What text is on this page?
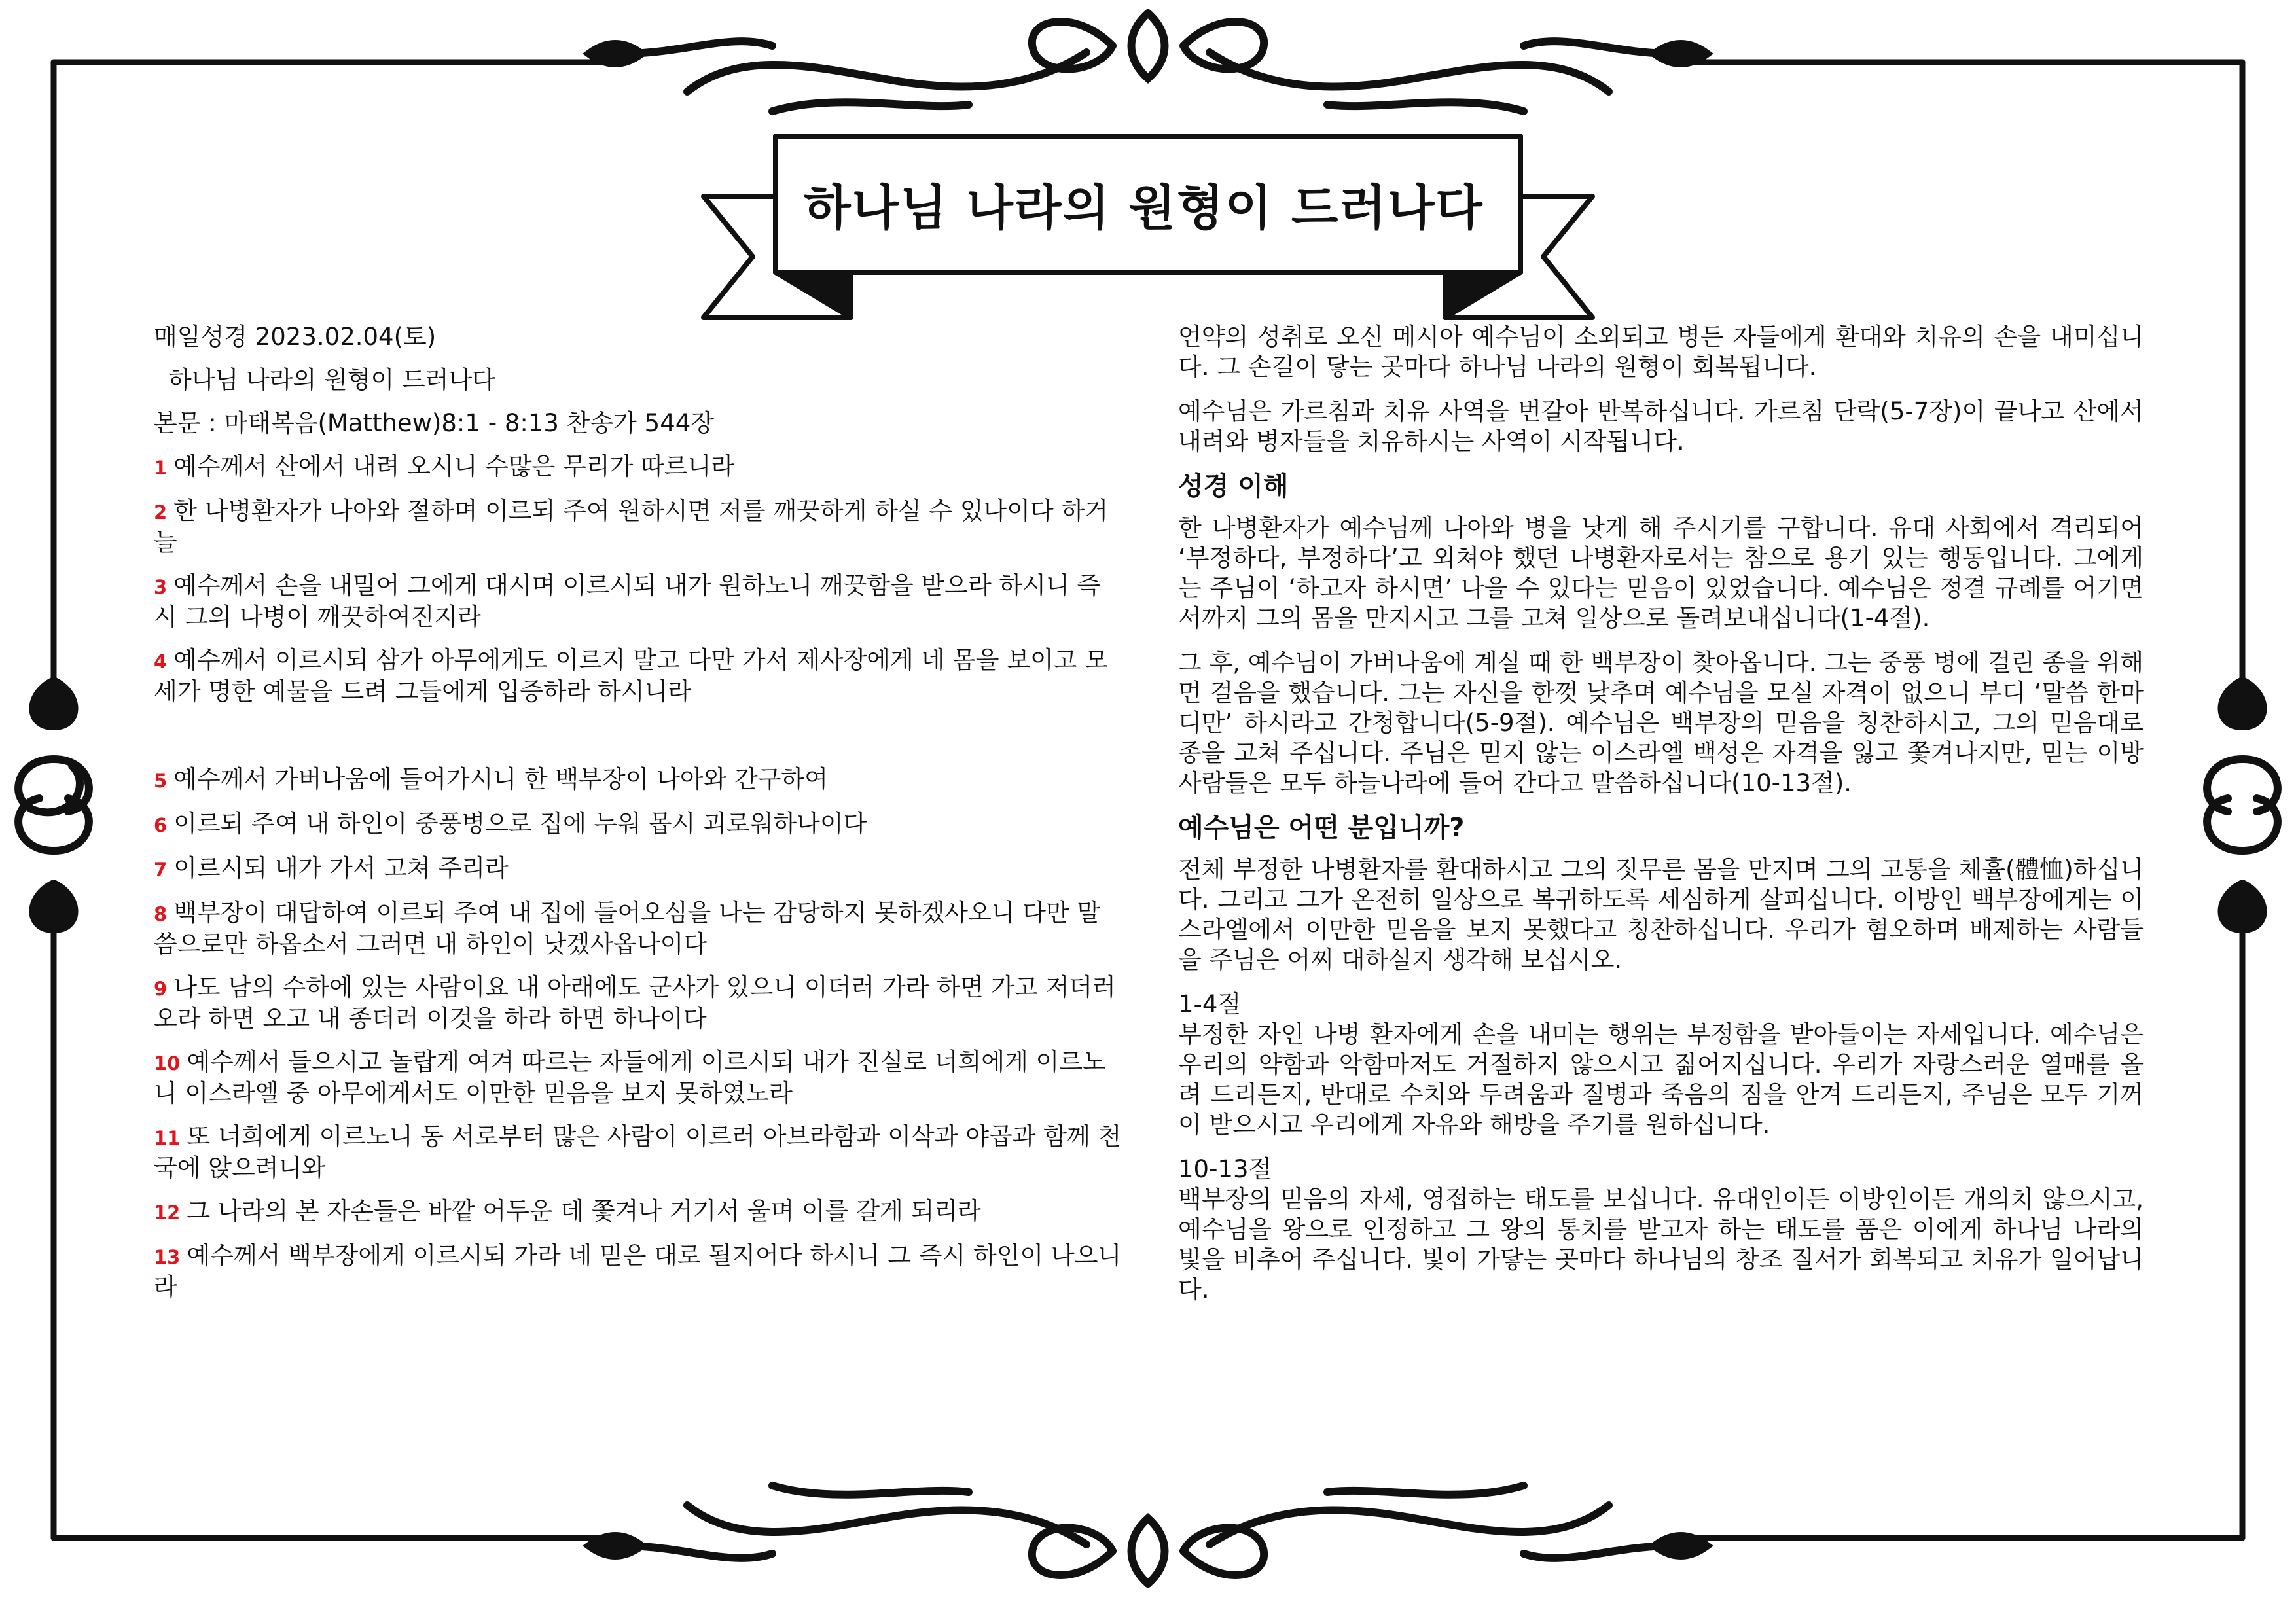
하나님 나라의 원형이 드러나다
매일성경 2023.02.04(토)
하나님 나라의 원형이 드러나다
본문 : 마태복음(Matthew)8:1 - 8:13 찬송가 544장
1 예수께서 산에서 내려 오시니 수많은 무리가 따르니라
2 한 나병환자가 나아와 절하며 이르되 주여 원하시면 저를 깨끗하게 하실 수 있나이다 하거늘
3 예수께서 손을 내밀어 그에게 대시며 이르시되 내가 원하노니 깨끗함을 받으라 하시니 즉시 그의 나병이 깨끗하여진지라
4 예수께서 이르시되 삼가 아무에게도 이르지 말고 다만 가서 제사장에게 네 몸을 보이고 모세가 명한 예물을 드려 그들에게 입증하라 하시니라
5 예수께서 가버나움에 들어가시니 한 백부장이 나아와 간구하여
6 이르되 주여 내 하인이 중풍병으로 집에 누워 몹시 괴로워하나이다
7 이르시되 내가 가서 고쳐 주리라
8 백부장이 대답하여 이르되 주여 내 집에 들어오심을 나는 감당하지 못하겠사오니 다만 말씀으로만 하옵소서 그러면 내 하인이 낫겠사옵나이다
9 나도 남의 수하에 있는 사람이요 내 아래에도 군사가 있으니 이더러 가라 하면 가고 저더러 오라 하면 오고 내 종더러 이것을 하라 하면 하나이다
10 예수께서 들으시고 놀랍게 여겨 따르는 자들에게 이르시되 내가 진실로 너희에게 이르노니 이스라엘 중 아무에게서도 이만한 믿음을 보지 못하였노라
11 또 너희에게 이르노니 동 서로부터 많은 사람이 이르러 아브라함과 이삭과 야곱과 함께 천국에 앉으려니와
12 그 나라의 본 자손들은 바깥 어두운 데 쫓겨나 거기서 울며 이를 갈게 되리라
13 예수께서 백부장에게 이르시되 가라 네 믿은 대로 될지어다 하시니 그 즉시 하인이 나으니라

언약의 성취로 오신 메시아 예수님이 소외되고 병든 자들에게 환대와 치유의 손을 내미십니다. 그 손길이 닿는 곳마다 하나님 나라의 원형이 회복됩니다.

예수님은 가르침과 치유 사역을 번갈아 반복하십니다. 가르침 단락(5-7장)이 끝나고 산에서 내려와 병자들을 치유하시는 사역이 시작됩니다.

성경 이해

한 나병환자가 예수님께 나아와 병을 낫게 해 주시기를 구합니다. 유대 사회에서 격리되어 ‘부정하다, 부정하다’고 외쳐야 했던 나병환자로서는 참으로 용기 있는 행동입니다. 그에게는 주님이 ‘하고자 하시면’ 나을 수 있다는 믿음이 있었습니다. 예수님은 정결 규례를 어기면서까지 그의 몸을 만지시고 그를 고쳐 일상으로 돌려보내십니다(1-4절).

그 후, 예수님이 가버나움에 계실 때 한 백부장이 찾아옵니다. 그는 중풍 병에 걸린 종을 위해 먼 걸음을 했습니다. 그는 자신을 한껏 낮추며 예수님을 모실 자격이 없으니 부디 ‘말씀 한마디만’ 하시라고 간청합니다(5-9절). 예수님은 백부장의 믿음을 칭찬하시고, 그의 믿음대로 종을 고쳐 주십니다. 주님은 믿지 않는 이스라엘 백성은 자격을 잃고 쫓겨나지만, 믿는 이방 사람들은 모두 하늘나라에 들어 간다고 말씀하십니다(10-13절).

예수님은 어떤 분입니까?

전체 부정한 나병환자를 환대하시고 그의 짓무른 몸을 만지며 그의 고통을 체휼(體恤)하십니다. 그리고 그가 온전히 일상으로 복귀하도록 세심하게 살피십니다. 이방인 백부장에게는 이스라엘에서 이만한 믿음을 보지 못했다고 칭찬하십니다. 우리가 혐오하며 배제하는 사람들을 주님은 어찌 대하실지 생각해 보십시오.

1-4절

부정한 자인 나병 환자에게 손을 내미는 행위는 부정함을 받아들이는 자세입니다. 예수님은 우리의 약함과 악함마저도 거절하지 않으시고 짊어지십니다. 우리가 자랑스러운 열매를 올려 드리든지, 반대로 수치와 두려움과 질병과 죽음의 짐을 안겨 드리든지, 주님은 모두 기꺼이 받으시고 우리에게 자유와 해방을 주기를 원하십니다.

10-13절

백부장의 믿음의 자세, 영접하는 태도를 보십니다. 유대인이든 이방인이든 개의치 않으시고, 예수님을 왕으로 인정하고 그 왕의 통치를 받고자 하는 태도를 품은 이에게 하나님 나라의 빛을 비추어 주십니다. 빛이 가닿는 곳마다 하나님의 창조 질서가 회복되고 치유가 일어납니다.
